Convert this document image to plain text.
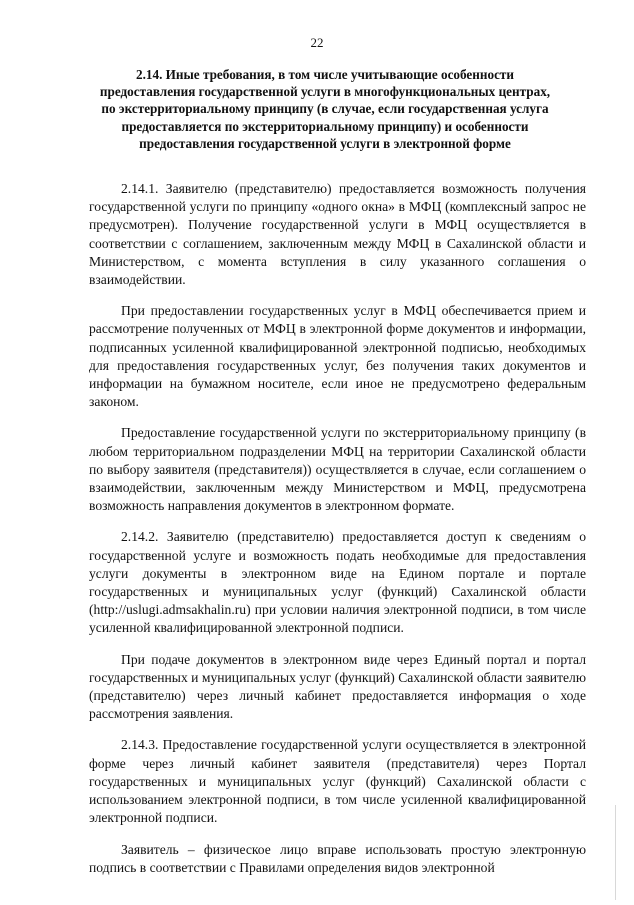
22
2.14. Иные требования, в том числе учитывающие особенности предоставления государственной услуги в многофункциональных центрах, по экстерриториальному принципу (в случае, если государственная услуга предоставляется по экстерриториальному принципу) и особенности предоставления государственной услуги в электронной форме

2.14.1. Заявителю (представителю) предоставляется возможность получения государственной услуги по принципу «одного окна» в МФЦ (комплексный запрос не предусмотрен). Получение государственной услуги в МФЦ осуществляется в соответствии с соглашением, заключенным между МФЦ в Сахалинской области и Министерством, с момента вступления в силу указанного соглашения о взаимодействии.

При предоставлении государственных услуг в МФЦ обеспечивается прием и рассмотрение полученных от МФЦ в электронной форме документов и информации, подписанных усиленной квалифицированной электронной подписью, необходимых для предоставления государственных услуг, без получения таких документов и информации на бумажном носителе, если иное не предусмотрено федеральным законом.

Предоставление государственной услуги по экстерриториальному принципу (в любом территориальном подразделении МФЦ на территории Сахалинской области по выбору заявителя (представителя)) осуществляется в случае, если соглашением о взаимодействии, заключенным между Министерством и МФЦ, предусмотрена возможность направления документов в электронном формате.

2.14.2. Заявителю (представителю) предоставляется доступ к сведениям о государственной услуге и возможность подать необходимые для предоставления услуги документы в электронном виде на Едином портале и портале государственных и муниципальных услуг (функций) Сахалинской области (http://uslugi.admsakhalin.ru) при условии наличия электронной подписи, в том числе усиленной квалифицированной электронной подписи.

При подаче документов в электронном виде через Единый портал и портал государственных и муниципальных услуг (функций) Сахалинской области заявителю (представителю) через личный кабинет предоставляется информация о ходе рассмотрения заявления.

2.14.3. Предоставление государственной услуги осуществляется в электронной форме через личный кабинет заявителя (представителя) через Портал государственных и муниципальных услуг (функций) Сахалинской области с использованием электронной подписи, в том числе усиленной квалифицированной электронной подписи.

Заявитель – физическое лицо вправе использовать простую электронную подпись в соответствии с Правилами определения видов электронной
